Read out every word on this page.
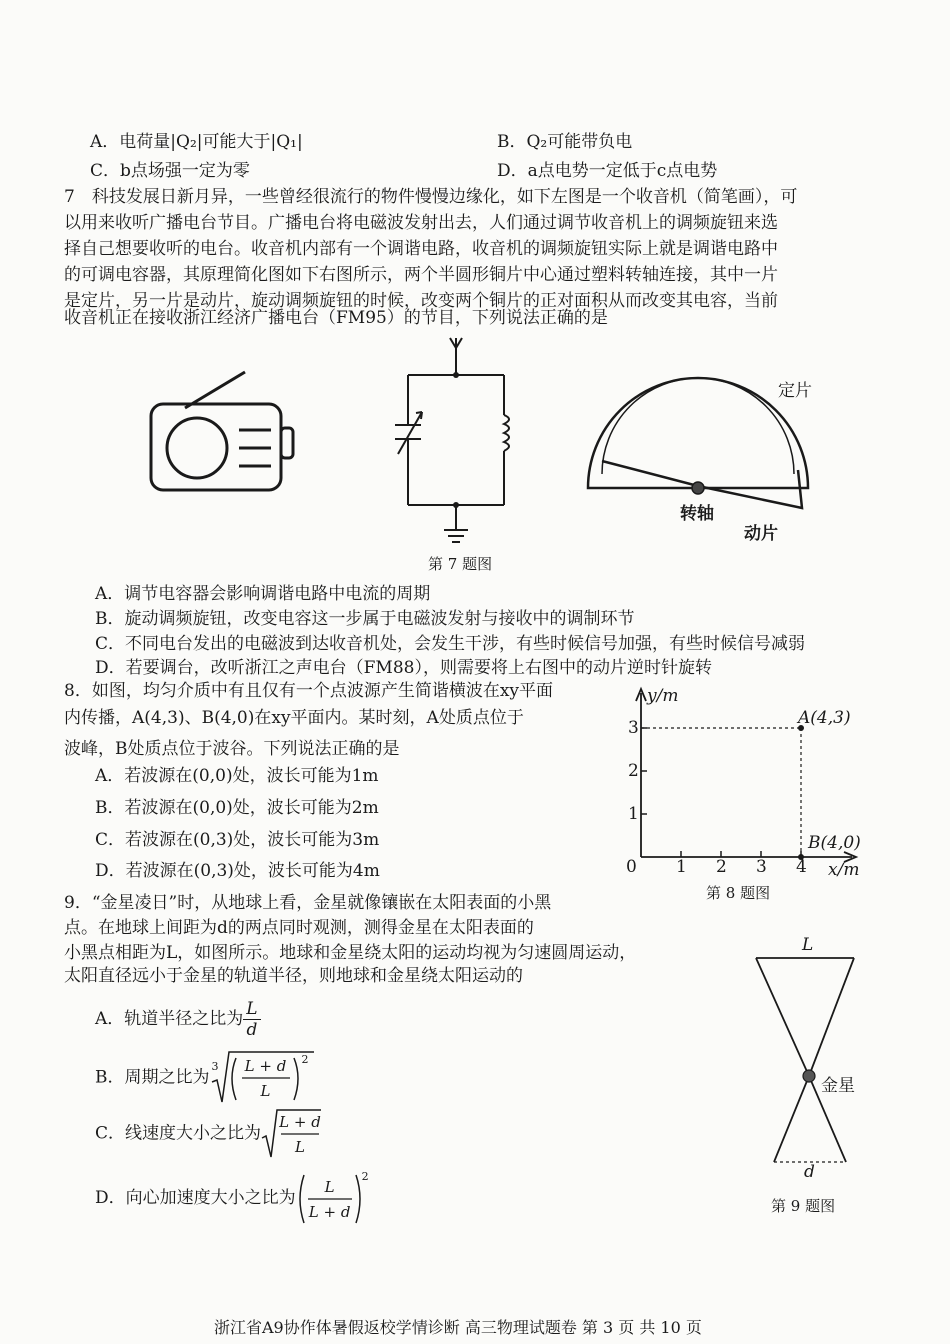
A．电荷量|Q₂|可能大于|Q₁|	B．Q₂可能带负电
C．b点场强一定为零	D．a点电势一定低于c点电势
7　科技发展日新月异，一些曾经很流行的物件慢慢边缘化，如下左图是一个收音机（简笔画），可
以用来收听广播电台节目。广播电台将电磁波发射出去，人们通过调节收音机上的调频旋钮来选
择自己想要收听的电台。收音机内部有一个调谐电路，收音机的调频旋钮实际上就是调谐电路中
的可调电容器，其原理简化图如下右图所示，两个半圆形铜片中心通过塑料转轴连接，其中一片
是定片，另一片是动片，旋动调频旋钮的时候，改变两个铜片的正对面积从而改变其电容，当前
收音机正在接收浙江经济广播电台（FM95）的节目，下列说法正确的是
定片
转轴
动片
第 7 题图
A．调节电容器会影响调谐电路中电流的周期
B．旋动调频旋钮，改变电容这一步属于电磁波发射与接收中的调制环节
C．不同电台发出的电磁波到达收音机处，会发生干涉，有些时候信号加强，有些时候信号减弱
D．若要调台，改听浙江之声电台（FM88），则需要将上右图中的动片逆时针旋转
8．如图，均匀介质中有且仅有一个点波源产生简谐横波在xy平面
内传播，A(4,3)、B(4,0)在xy平面内。某时刻，A处质点位于
波峰，B处质点位于波谷。下列说法正确的是
A．若波源在(0,0)处，波长可能为1m
B．若波源在(0,0)处，波长可能为2m
C．若波源在(0,3)处，波长可能为3m
D．若波源在(0,3)处，波长可能为4m
y/m
x/m
A(4,3)
B(4,0)
0 1 2 3 4
1
2
3
第 8 题图
9．“金星凌日”时，从地球上看，金星就像镶嵌在太阳表面的小黑
点。在地球上间距为d的两点同时观测，测得金星在太阳表面的
小黑点相距为L，如图所示。地球和金星绕太阳的运动均视为匀速圆周运动，
太阳直径远小于金星的轨道半径，则地球和金星绕太阳运动的
A．轨道半径之比为 $\frac{L}{d}$
B．周期之比为
3 L + d
L
2
C．线速度大小之比为
L + d
L
D．向心加速度大小之比为
L
L + d
2
L
金星
d
第 9 题图
浙江省A9协作体暑假返校学情诊断 高三物理试题卷 第 3 页 共 10 页
